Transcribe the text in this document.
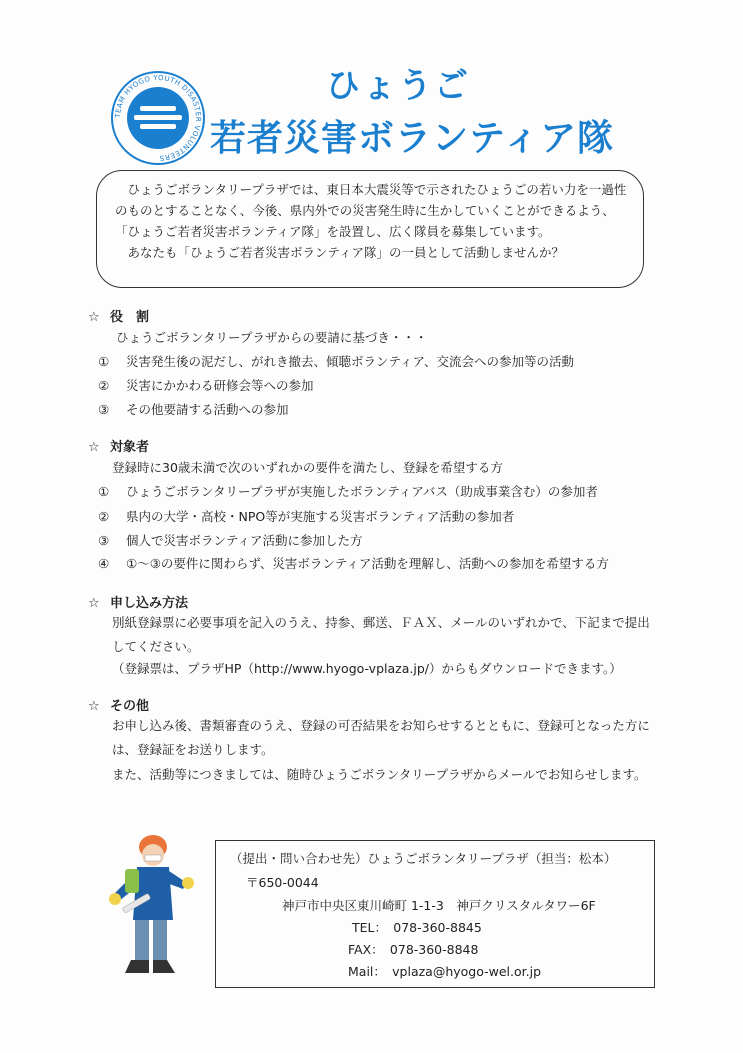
TEAM HYOGO YOUTH DISASTER VOLUNTEERS
ひょうご
若者災害ボランティア隊

ひょうごボランタリープラザでは、東日本大震災等で示されたひょうごの若い力を一過性のものとすることなく、今後、県内外での災害発生時に生かしていくことができるよう、「ひょうご若者災害ボランティア隊」を設置し、広く隊員を募集しています。

あなたも「ひょうご若者災害ボランティア隊」の一員として活動しませんか？

☆ 役　割
ひょうごボランタリープラザからの要請に基づき・・・
① 災害発生後の泥だし、がれき撤去、傾聴ボランティア、交流会への参加等の活動
② 災害にかかわる研修会等への参加
③ その他要請する活動への参加
☆ 対象者
登録時に30歳未満で次のいずれかの要件を満たし、登録を希望する方
① ひょうごボランタリープラザが実施したボランティアバス（助成事業含む）の参加者
② 県内の大学・高校・NPO等が実施する災害ボランティア活動の参加者
③ 個人で災害ボランティア活動に参加した方
④ ①～③の要件に関わらず、災害ボランティア活動を理解し、活動への参加を希望する方
☆ 申し込み方法
別紙登録票に必要事項を記入のうえ、持参、郵送、ＦＡＸ、メールのいずれかで、下記まで提出
してください。
（登録票は、プラザHP（http://www.hyogo-vplaza.jp/）からもダウンロードできます。）
☆ その他
お申し込み後、書類審査のうえ、登録の可否結果をお知らせするとともに、登録可となった方に
は、登録証をお送りします。
また、活動等につきましては、随時ひょうごボランタリープラザからメールでお知らせします。
（提出・問い合わせ先）ひょうごボランタリープラザ（担当：松本）
〒650-0044
神戸市中央区東川崎町 1-1-3　神戸クリスタルタワー6F
TEL：　078-360-8845
FAX：　078-360-8848
Mail：　vplaza@hyogo-wel.or.jp
